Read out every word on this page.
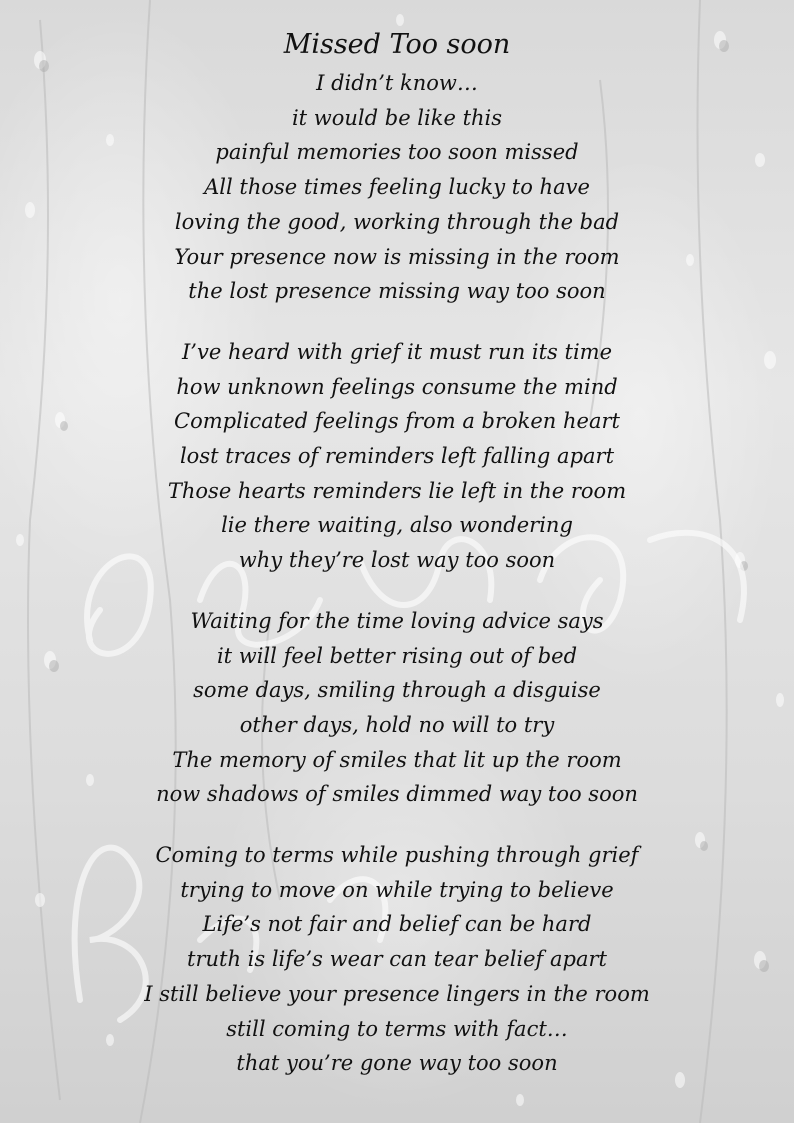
Missed Too soon
I didn’t know…
it would be like this
painful memories too soon missed
All those times feeling lucky to have
loving the good, working through the bad
Your presence now is missing in the room
the lost presence missing way too soon
I’ve heard with grief it must run its time
how unknown feelings consume the mind
Complicated feelings from a broken heart
lost traces of reminders left falling apart
Those hearts reminders lie left in the room
lie there waiting, also wondering
why they’re lost way too soon
Waiting for the time loving advice says
it will feel better rising out of bed
some days, smiling through a disguise
other days, hold no will to try
The memory of smiles that lit up the room
now shadows of smiles dimmed way too soon
Coming to terms while pushing through grief
trying to move on while trying to believe
Life’s not fair and belief can be hard
truth is life’s wear can tear belief apart
I still believe your presence lingers in the room
still coming to terms with fact…
that you’re gone way too soon
